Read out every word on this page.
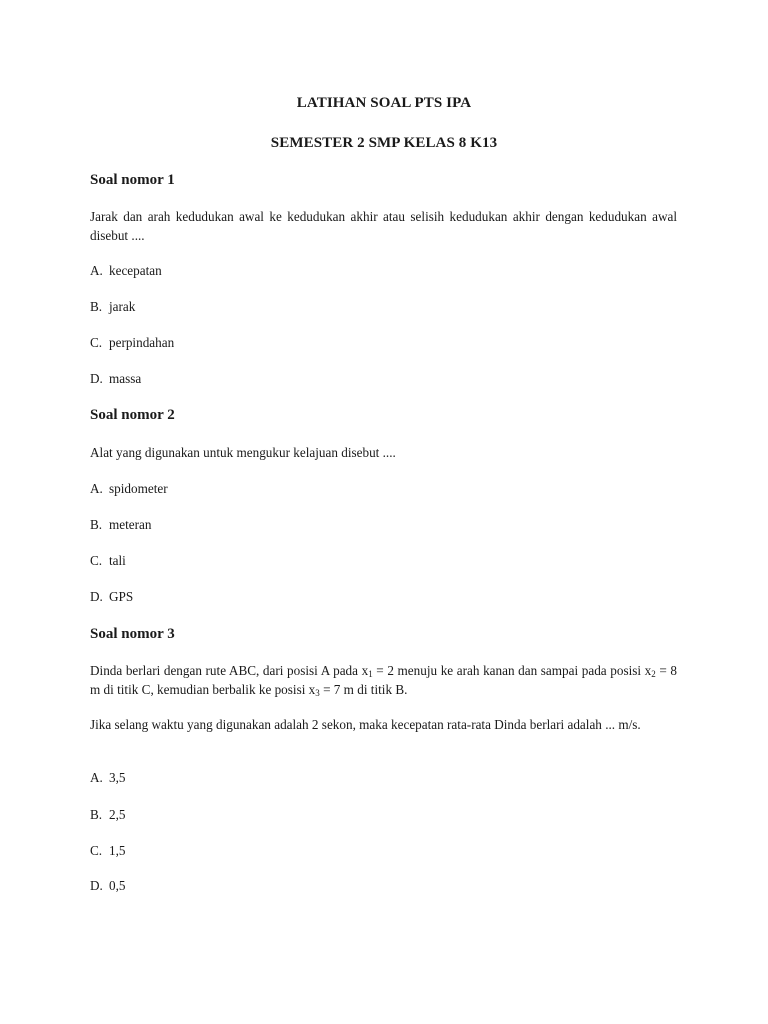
LATIHAN SOAL PTS IPA
SEMESTER 2 SMP KELAS 8 K13
Soal nomor 1
Jarak dan arah kedudukan awal ke kedudukan akhir atau selisih kedudukan akhir dengan kedudukan awal disebut ....
A. kecepatan
B. jarak
C. perpindahan
D. massa
Soal nomor 2
Alat yang digunakan untuk mengukur kelajuan disebut ....
A. spidometer
B. meteran
C. tali
D. GPS
Soal nomor 3
Dinda berlari dengan rute ABC, dari posisi A pada $x_1 = 2$ menuju ke arah kanan dan sampai pada posisi $x_2 = 8$ m di titik C, kemudian berbalik ke posisi $x_3 = 7$ m di titik B.
Jika selang waktu yang digunakan adalah 2 sekon, maka kecepatan rata-rata Dinda berlari adalah ... m/s.
A. 3,5
B. 2,5
C. 1,5
D. 0,5
